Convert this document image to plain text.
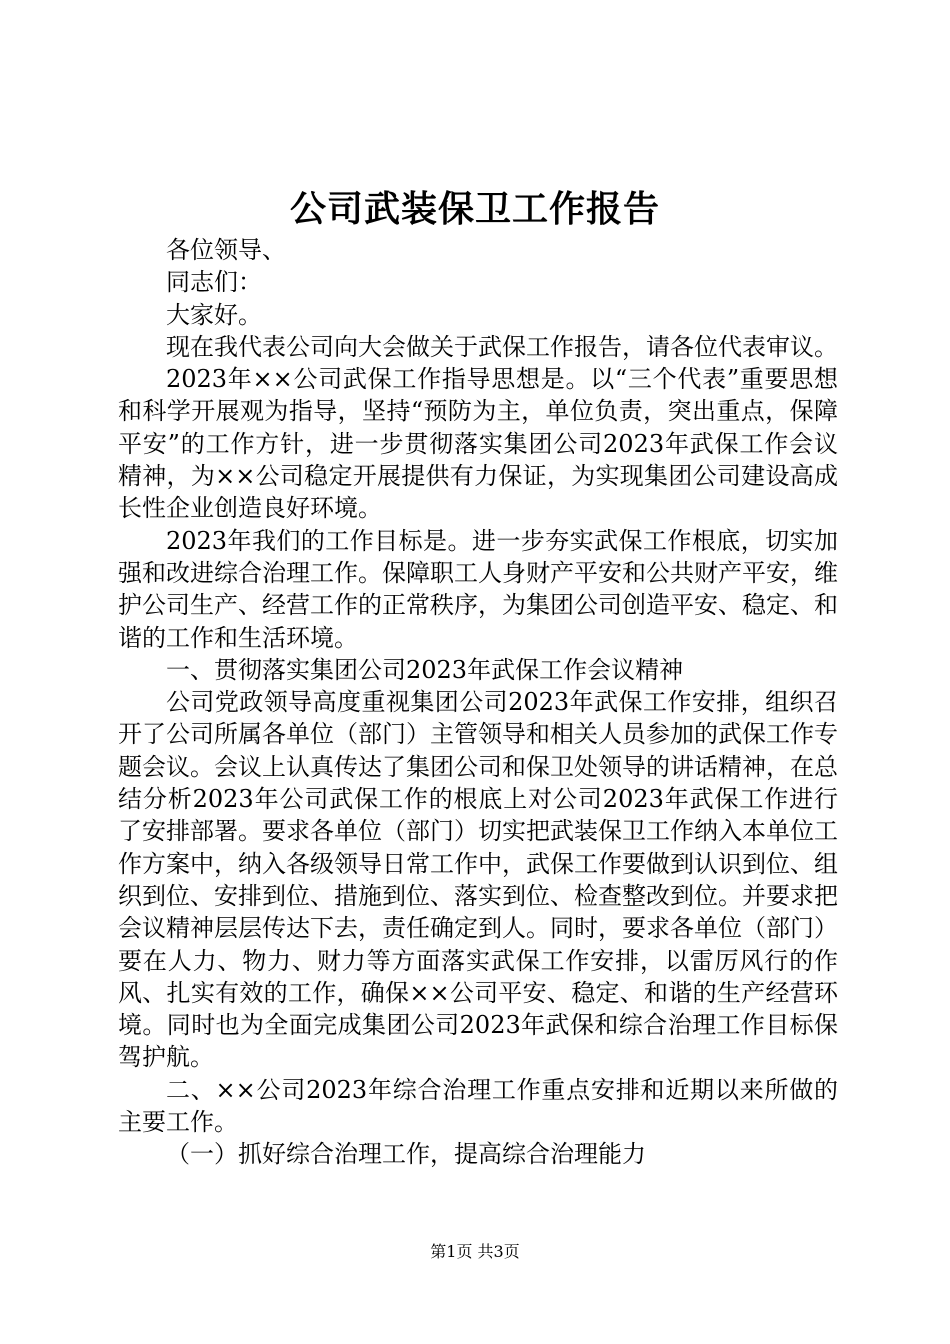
公司武装保卫工作报告

各位领导、

同志们：

大家好。

现在我代表公司向大会做关于武保工作报告，请各位代表审议。

2023年××公司武保工作指导思想是。以“三个代表”重要思想和科学开展观为指导，坚持“预防为主，单位负责，突出重点，保障平安”的工作方针，进一步贯彻落实集团公司2023年武保工作会议精神，为××公司稳定开展提供有力保证，为实现集团公司建设高成长性企业创造良好环境。

2023年我们的工作目标是。进一步夯实武保工作根底，切实加强和改进综合治理工作。保障职工人身财产平安和公共财产平安，维护公司生产、经营工作的正常秩序，为集团公司创造平安、稳定、和谐的工作和生活环境。

一、贯彻落实集团公司2023年武保工作会议精神

公司党政领导高度重视集团公司2023年武保工作安排，组织召开了公司所属各单位（部门）主管领导和相关人员参加的武保工作专题会议。会议上认真传达了集团公司和保卫处领导的讲话精神，在总结分析2023年公司武保工作的根底上对公司2023年武保工作进行了安排部署。要求各单位（部门）切实把武装保卫工作纳入本单位工作方案中，纳入各级领导日常工作中，武保工作要做到认识到位、组织到位、安排到位、措施到位、落实到位、检查整改到位。并要求把会议精神层层传达下去，责任确定到人。同时，要求各单位（部门）要在人力、物力、财力等方面落实武保工作安排，以雷厉风行的作风、扎实有效的工作，确保××公司平安、稳定、和谐的生产经营环境。同时也为全面完成集团公司2023年武保和综合治理工作目标保驾护航。

二、××公司2023年综合治理工作重点安排和近期以来所做的主要工作。

（一）抓好综合治理工作，提高综合治理能力

第1页 共3页
